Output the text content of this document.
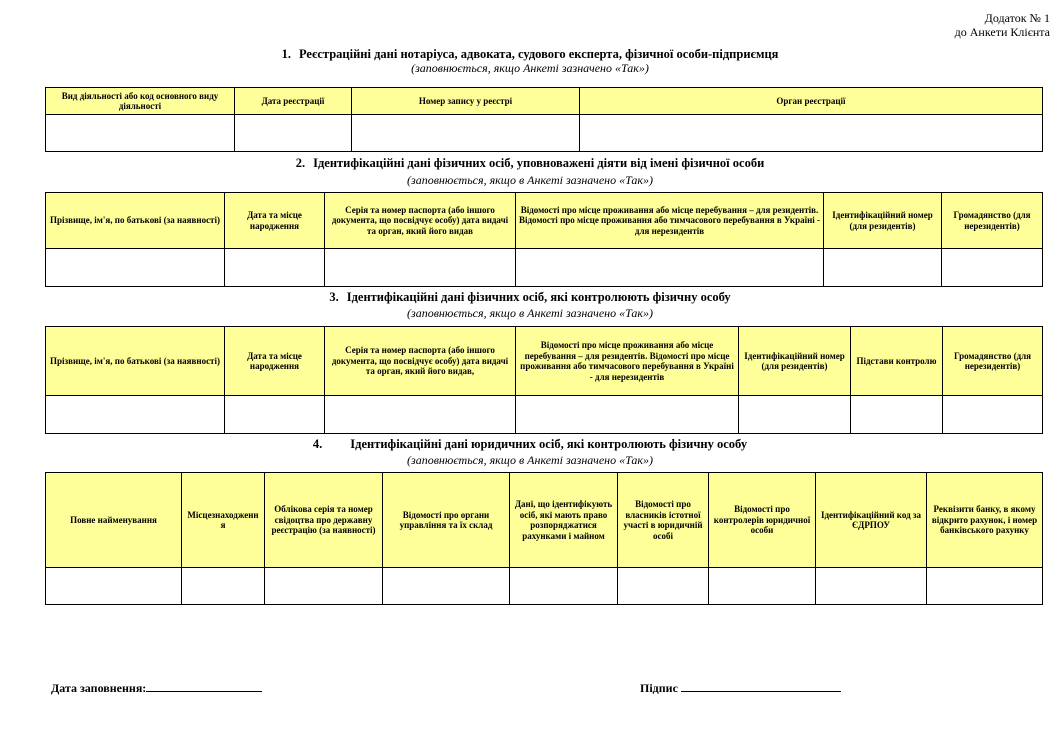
Додаток № 1
до Анкети Клієнта
1. Реєстраційні дані нотаріуса, адвоката, судового експерта, фізичної особи-підприємця
(заповнюється, якщо Анкеті зазначено «Так»)
Вид діяльності або код основного виду діяльності	Дата реєстрації	Номер запису у реєстрі	Орган реєстрації

2. Ідентифікаційні дані фізичних осіб, уповноважені діяти від імені фізичної особи
(заповнюється, якщо в Анкеті зазначено «Так»)
Прізвище, ім'я, по батькові (за наявності)	Дата та місце народження	Серія та номер паспорта (або іншого документа, що посвідчує особу) дата видачі та орган, який його видав	Відомості про місце проживання або місце перебування – для резидентів. Відомості про місце проживання або тимчасового перебування в Україні - для нерезидентів	Ідентифікаційний номер (для резидентів)	Громадянство (для нерезидентів)

3. Ідентифікаційні дані фізичних осіб, які контролюють фізичну особу
(заповнюється, якщо в Анкеті зазначено «Так»)
Прізвище, ім'я, по батькові (за наявності)	Дата та місце народження	Серія та номер паспорта (або іншого документа, що посвідчує особу) дата видачі та орган, який його видав,	Відомості про місце проживання або місце перебування – для резидентів. Відомості про місце проживання або тимчасового перебування в Україні - для нерезидентів	Ідентифікаційний номер (для резидентів)	Підстави контролю	Громадянство (для нерезидентів)

4. Ідентифікаційні дані юридичних осіб, які контролюють фізичну особу
(заповнюється, якщо в Анкеті зазначено «Так»)
Повне найменування	Місцезнаходження	Облікова серія та номер свідоцтва про державну реєстрацію (за наявності)	Відомості про органи управління та їх склад	Дані, що ідентифікують осіб, які мають право розпоряджатися рахунками і майном	Відомості про власників істотної участі в юридичній особі	Відомості про контролерів юридичної особи	Ідентифікаційний код за ЄДРПОУ	Реквізити банку, в якому відкрито рахунок, і номер банківського рахунку

Дата заповнення:	Підпис
